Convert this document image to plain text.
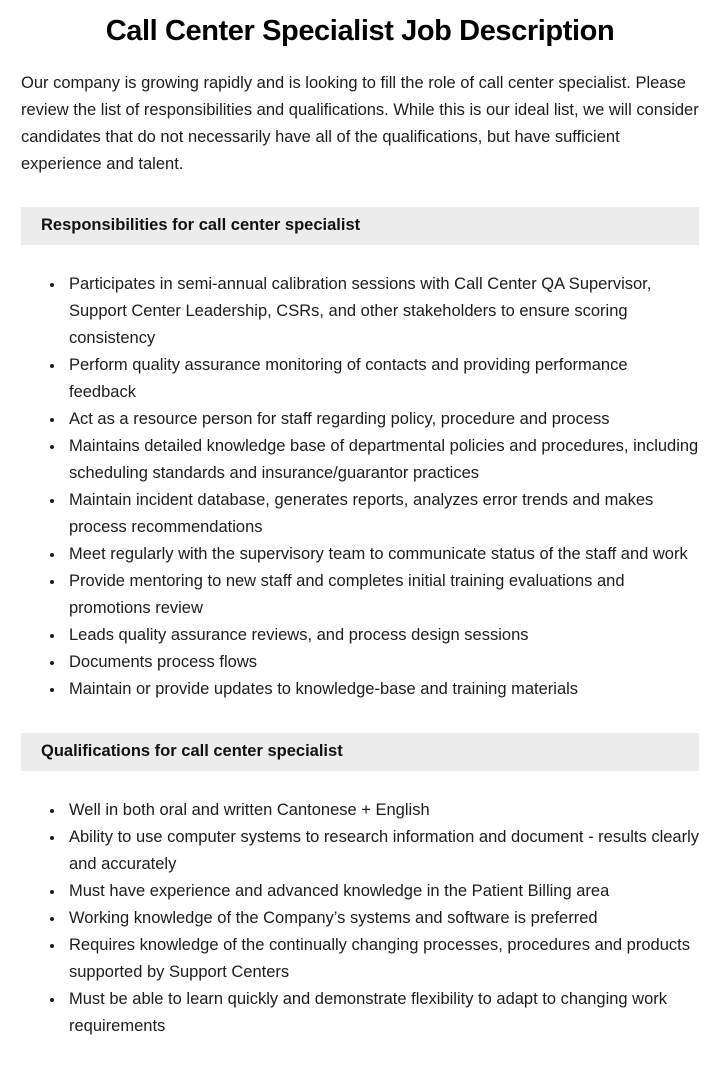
Call Center Specialist Job Description

Our company is growing rapidly and is looking to fill the role of call center specialist. Please review the list of responsibilities and qualifications. While this is our ideal list, we will consider candidates that do not necessarily have all of the qualifications, but have sufficient experience and talent.

Responsibilities for call center specialist
• Participates in semi-annual calibration sessions with Call Center QA Supervisor, Support Center Leadership, CSRs, and other stakeholders to ensure scoring consistency
• Perform quality assurance monitoring of contacts and providing performance feedback
• Act as a resource person for staff regarding policy, procedure and process
• Maintains detailed knowledge base of departmental policies and procedures, including scheduling standards and insurance/guarantor practices
• Maintain incident database, generates reports, analyzes error trends and makes process recommendations
• Meet regularly with the supervisory team to communicate status of the staff and work
• Provide mentoring to new staff and completes initial training evaluations and promotions review
• Leads quality assurance reviews, and process design sessions
• Documents process flows
• Maintain or provide updates to knowledge-base and training materials
Qualifications for call center specialist
• Well in both oral and written Cantonese + English
• Ability to use computer systems to research information and document - results clearly and accurately
• Must have experience and advanced knowledge in the Patient Billing area
• Working knowledge of the Company’s systems and software is preferred
• Requires knowledge of the continually changing processes, procedures and products supported by Support Centers
• Must be able to learn quickly and demonstrate flexibility to adapt to changing work requirements
